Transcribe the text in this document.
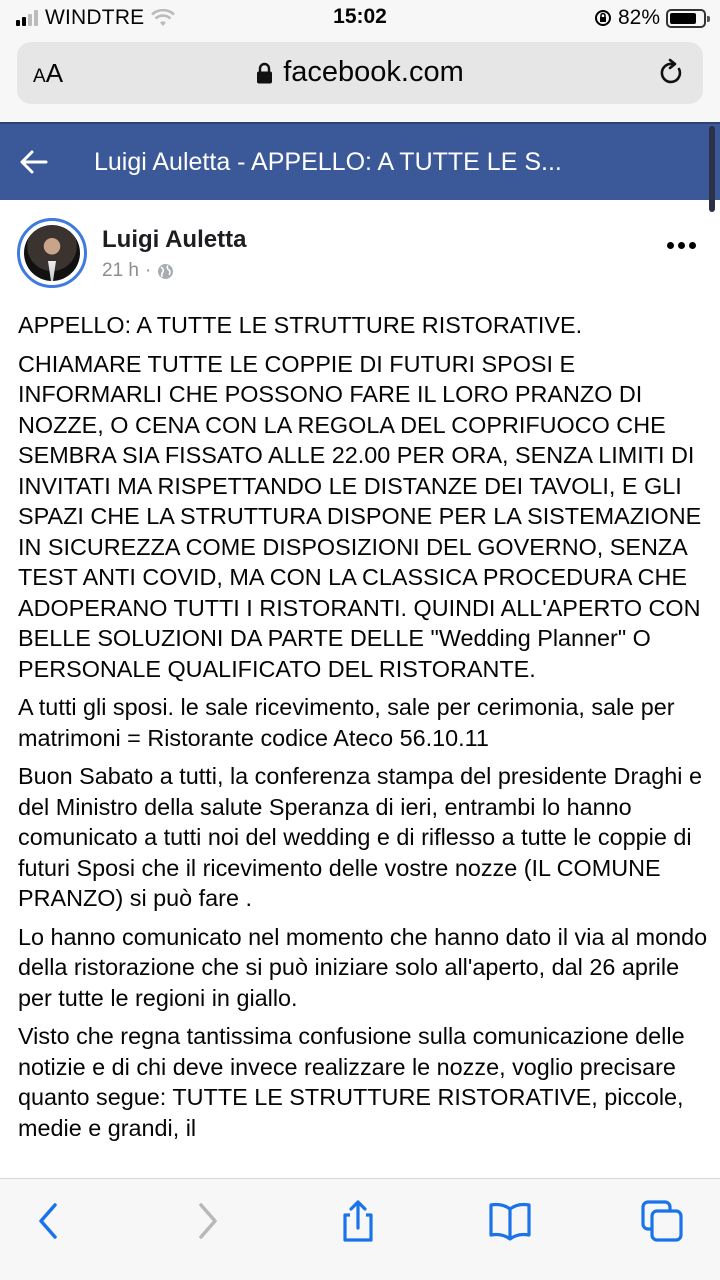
WINDTRE	15:02	82%
AA	facebook.com
Luigi Auletta - APPELLO: A TUTTE LE S...
Luigi Auletta
21 h ·

APPELLO: A TUTTE LE STRUTTURE RISTORATIVE.

CHIAMARE TUTTE LE COPPIE DI FUTURI SPOSI E INFORMARLI CHE POSSONO FARE IL LORO PRANZO DI NOZZE, O CENA CON LA REGOLA DEL COPRIFUOCO CHE SEMBRA SIA FISSATO ALLE 22.00 PER ORA, SENZA LIMITI DI INVITATI MA RISPETTANDO LE DISTANZE DEI TAVOLI, E GLI SPAZI CHE LA STRUTTURA DISPONE PER LA SISTEMAZIONE IN SICUREZZA COME DISPOSIZIONI DEL GOVERNO, SENZA TEST ANTI COVID, MA CON LA CLASSICA PROCEDURA CHE ADOPERANO TUTTI I RISTORANTI. QUINDI ALL'APERTO CON BELLE SOLUZIONI DA PARTE DELLE "Wedding Planner" O PERSONALE QUALIFICATO DEL RISTORANTE.

A tutti gli sposi. le sale ricevimento, sale per cerimonia, sale per matrimoni = Ristorante codice Ateco 56.10.11

Buon Sabato a tutti, la conferenza stampa del presidente Draghi e del Ministro della salute Speranza di ieri, entrambi lo hanno comunicato a tutti noi del wedding e di riflesso a tutte le coppie di futuri Sposi che il ricevimento delle vostre nozze (IL COMUNE PRANZO) si può fare .

Lo hanno comunicato nel momento che hanno dato il via al mondo della ristorazione che si può iniziare solo all'aperto, dal 26 aprile per tutte le regioni in giallo.

Visto che regna tantissima confusione sulla comunicazione delle notizie e di chi deve invece realizzare le nozze, voglio precisare quanto segue: TUTTE LE STRUTTURE RISTORATIVE, piccole, medie e grandi, il
